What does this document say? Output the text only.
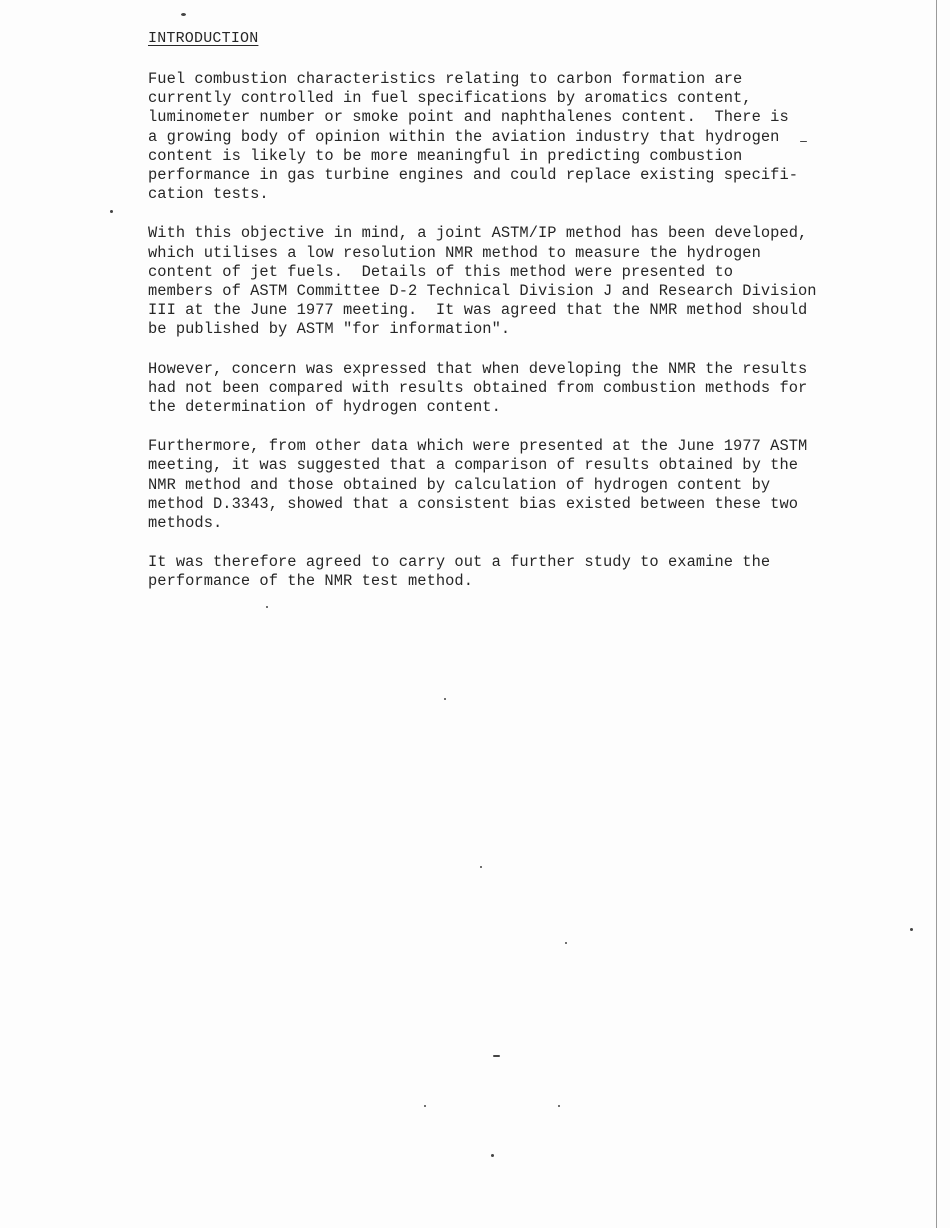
INTRODUCTION

Fuel combustion characteristics relating to carbon formation are
currently controlled in fuel specifications by aromatics content,
luminometer number or smoke point and naphthalenes content.  There is
a growing body of opinion within the aviation industry that hydrogen
content is likely to be more meaningful in predicting combustion
performance in gas turbine engines and could replace existing specifi-
cation tests.

With this objective in mind, a joint ASTM/IP method has been developed,
which utilises a low resolution NMR method to measure the hydrogen
content of jet fuels.  Details of this method were presented to
members of ASTM Committee D-2 Technical Division J and Research Division
III at the June 1977 meeting.  It was agreed that the NMR method should
be published by ASTM "for information".

However, concern was expressed that when developing the NMR the results
had not been compared with results obtained from combustion methods for
the determination of hydrogen content.

Furthermore, from other data which were presented at the June 1977 ASTM
meeting, it was suggested that a comparison of results obtained by the
NMR method and those obtained by calculation of hydrogen content by
method D.3343, showed that a consistent bias existed between these two
methods.

It was therefore agreed to carry out a further study to examine the
performance of the NMR test method.
